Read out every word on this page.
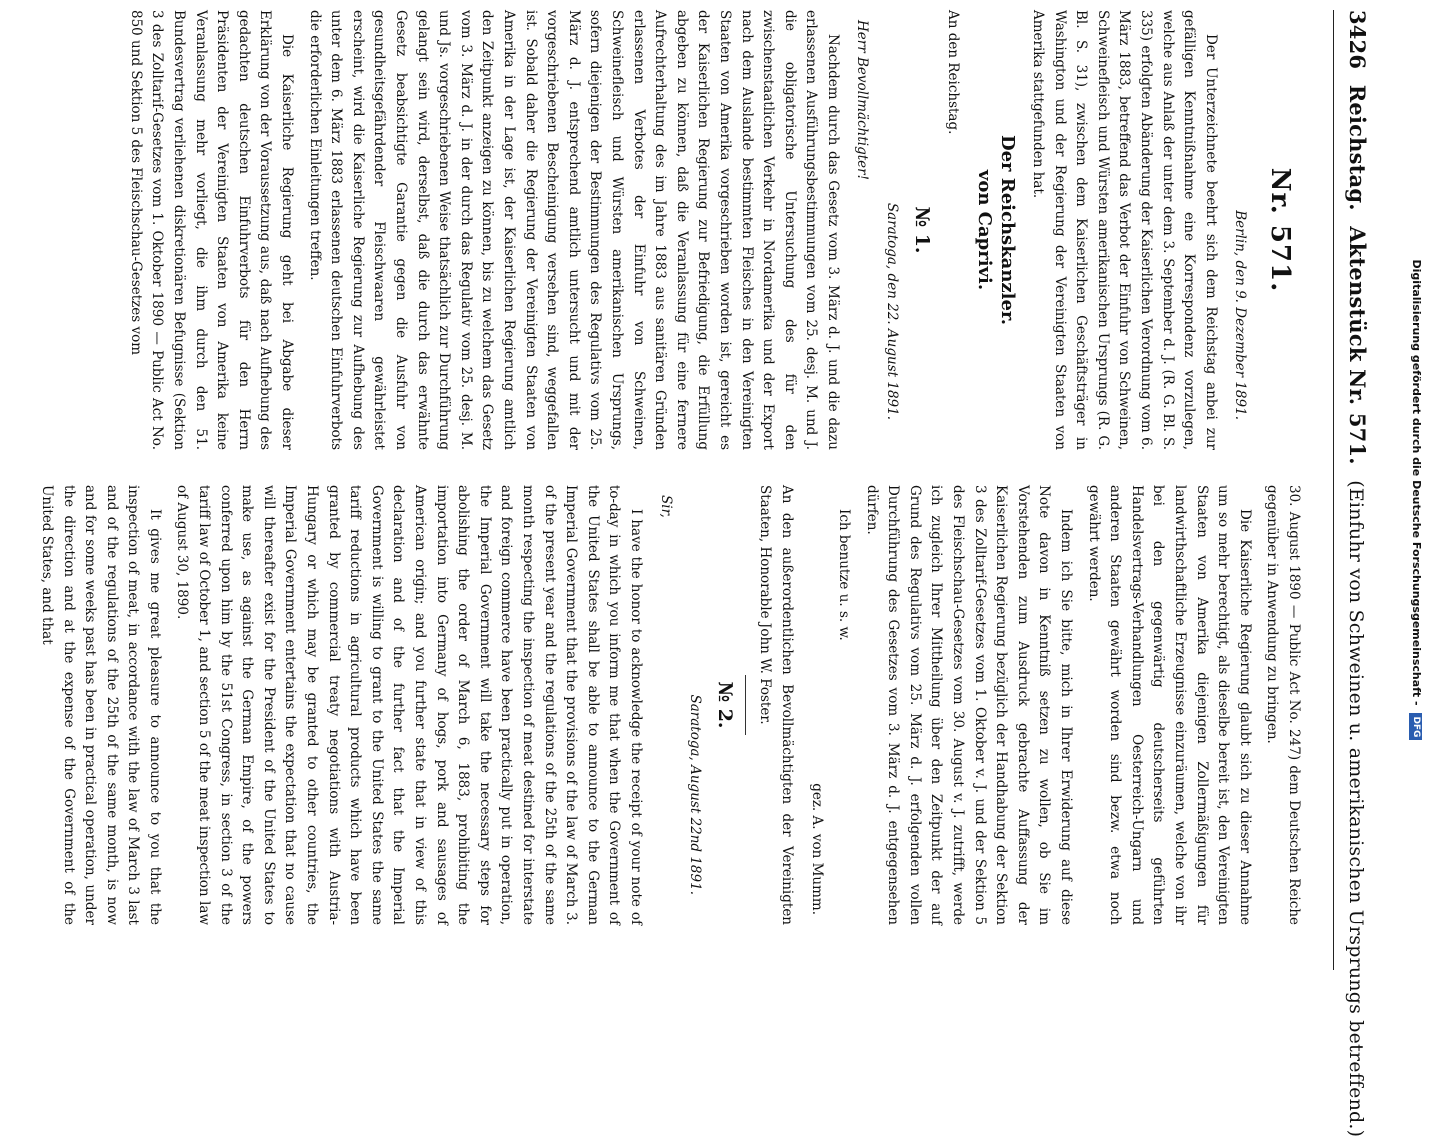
3426 Reichstag. Aktenstück Nr. 571. (Einfuhr von Schweinen u. amerikanischen Ursprungs betreffend.)
Nr. 571.
Berlin, den 9. Dezember 1891.
Der Unterzeichnete beehrt sich dem Reichstag anbei zur gefälligen Kenntnißnahme eine Korrespondenz vorzulegen, welche aus Anlaß der unter dem 3. September d. J. (R. G. Bl. S. 335) erfolgten Abänderung der Kaiserlichen Verordnung vom 6. März 1883, betreffend das Verbot der Einfuhr von Schweinen, Schweinefleisch und Würsten amerikanischen Ursprungs (R. G. Bl. S. 31), zwischen dem Kaiserlichen Geschäftsträger in Washington und der Regierung der Vereinigten Staaten von Amerika stattgefunden hat.
Der Reichskanzler.
von Caprivi.
An den Reichstag.
№ 1.
Saratoga, den 22. August 1891.
Herr Bevollmächtigter!
Nachdem durch das Gesetz vom 3. März d. J. und die dazu erlassenen Ausführungsbestimmungen vom 25. desj. M. und J. die obligatorische Untersuchung des für den zwischenstaatlichen Verkehr in Nordamerika und der Export nach dem Auslande bestimmten Fleisches in den Vereinigten Staaten von Amerika vorgeschrieben worden ist, gereicht es der Kaiserlichen Regierung zur Befriedigung, die Erfüllung abgeben zu können, daß die Veranlassung für eine fernere Aufrechterhaltung des im Jahre 1883 aus sanitären Gründen erlassenen Verbotes der Einfuhr von Schweinen, Schweinefleisch und Würsten amerikanischen Ursprungs, sofern diejenigen der Bestimmungen des Regulativs vom 25. März d. J. entsprechend amtlich untersucht und mit der vorgeschriebenen Bescheinigung versehen sind, weggefallen ist. Sobald daher die Regierung der Vereinigten Staaten von Amerika in der Lage ist, der Kaiserlichen Regierung amtlich den Zeitpunkt anzeigen zu können, bis zu welchem das Gesetz vom 3. März d. J. in der durch das Regulativ vom 25. desj. M. und Js. vorgeschriebenen Weise thatsächlich zur Durchführung gelangt sein wird, derselbst, daß die durch das erwähnte Gesetz beabsichtigte Garantie gegen die Ausfuhr von gesundheitsgefährdender Fleischwaaren gewährleistet erscheint, wird die Kaiserliche Regierung zur Aufhebung des unter dem 6. März 1883 erlassenen deutschen Einfuhrverbots die erforderlichen Einleitungen treffen.
Die Kaiserliche Regierung geht bei Abgabe dieser Erklärung von der Voraussetzung aus, daß nach Aufhebung des gedachten deutschen Einfuhrverbots für den Herrn Präsidenten der Vereinigten Staaten von Amerika keine Veranlassung mehr vorliegt, die ihm durch den 51. Bundesvertrag verliehenen diskretionären Befugnisse (Sektion 3 des Zolltarif-Gesetzes vom 1. Oktober 1890 — Public Act No. 850 und Sektion 5 des Fleischschau-Gesetzes vom
30. August 1890 — Public Act No. 247) dem Deutschen Reiche gegenüber in Anwendung zu bringen.
Die Kaiserliche Regierung glaubt sich zu dieser Annahme um so mehr berechtigt, als dieselbe bereit ist, den Vereinigten Staaten von Amerika diejenigen Zollermäßigungen für landwirthschaftliche Erzeugnisse einzuräumen, welche von ihr bei den gegenwärtig deutscherseits geführten Handelsvertrags-Verhandlungen Oesterreich-Ungarn und anderen Staaten gewährt worden sind bezw. etwa noch gewährt werden.
Indem ich Sie bitte, mich in Ihrer Erwiderung auf diese Note davon in Kenntniß setzen zu wollen, ob Sie im Vorstehenden zum Ausdruck gebrachte Auffassung der Kaiserlichen Regierung bezüglich der Handhabung der Sektion 3 des Zolltarif-Gesetzes vom 1. Oktober v. J. und der Sektion 5 des Fleischschau-Gesetzes vom 30. August v. J. zutrifft, werde ich zugleich Ihrer Mittheilung über den Zeitpunkt der auf Grund des Regulativs vom 25. März d. J. erfolgenden vollen Durchführung des Gesetzes vom 3. März d. J. entgegensehen dürfen.
Ich benutze u. s. w.
gez. A. von Mumm.
An den außerordentlichen Bevollmächtigten der Vereinigten Staaten, Honorable John W. Foster.
№ 2.
Saratoga, August 22nd 1891.
Sir,
I have the honor to acknowledge the receipt of your note of to-day in which you inform me that when the Government of the United States shall be able to announce to the German Imperial Government that the provisions of the law of March 3. of the present year and the regulations of the 25th of the same month respecting the inspection of meat destined for interstate and foreign commerce have been practically put in operation, the Imperial Government will take the necessary steps for abolishing the order of March 6, 1883, prohibiting the importation into Germany of hogs, pork and sausages of American origin; and you further state that in view of this declaration and of the further fact that the Imperial Government is willing to grant to the United States the same tariff reductions in agricultural products which have been granted by commercial treaty negotiations with Austria-Hungary or which may be granted to other countries, the Imperial Government entertains the expectation that no cause will thereafter exist for the President of the United States to make use, as against the German Empire, of the powers conferred upon him by the 51st Congress, in section 3 of the tariff law of October 1, and section 5 of the meat inspection law of August 30, 1890.
It gives me great pleasure to announce to you that the inspection of meat, in accordance with the law of March 3 last and of the regulations of the 25th of the same month, is now and for some weeks past has been in practical operation, under the direction and at the expense of the Government of the United States, and that	Digitalisierung gefördert durch die Deutsche Forschungsgemeinschaft - DFG
